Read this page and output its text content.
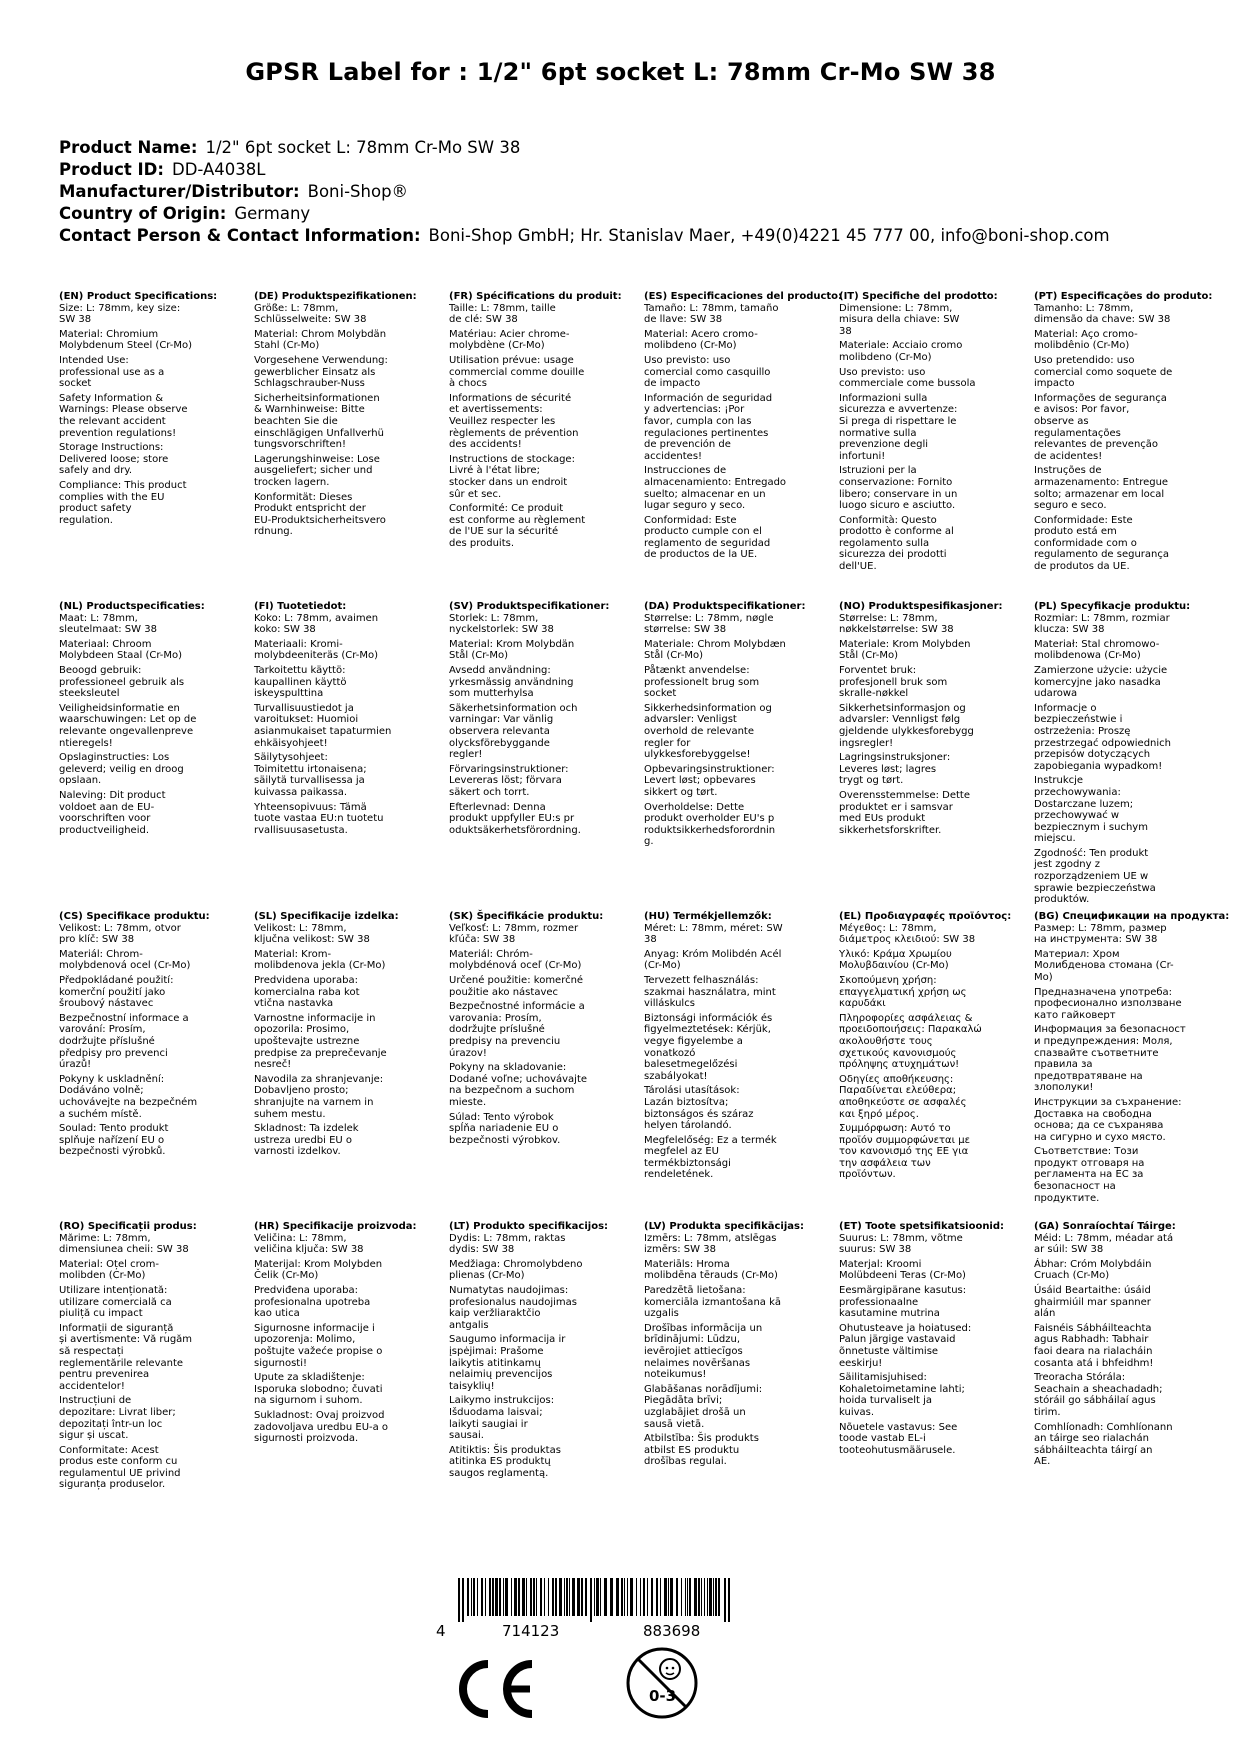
GPSR Label for : 1/2" 6pt socket L: 78mm Cr-Mo SW 38
Product Name: 1/2" 6pt socket L: 78mm Cr-Mo SW 38
Product ID: DD-A4038L
Manufacturer/Distributor: Boni-Shop®
Country of Origin: Germany
Contact Person & Contact Information: Boni-Shop GmbH; Hr. Stanislav Maer, +49(0)4221 45 777 00, info@boni-shop.com
(EN) Product Specifications:

Size: L: 78mm, key size:
SW 38

Material: Chromium
Molybdenum Steel (Cr-Mo)

Intended Use:
professional use as a
socket

Safety Information &
Warnings: Please observe
the relevant accident
prevention regulations!

Storage Instructions:
Delivered loose; store
safely and dry.

Compliance: This product
complies with the EU
product safety
regulation.

(DE) Produktspezifikationen:

Größe: L: 78mm,
Schlüsselweite: SW 38

Material: Chrom Molybdän
Stahl (Cr-Mo)

Vorgesehene Verwendung:
gewerblicher Einsatz als
Schlagschrauber-Nuss

Sicherheitsinformationen
& Warnhinweise: Bitte
beachten Sie die
einschlägigen Unfallverhü
tungsvorschriften!

Lagerungshinweise: Lose
ausgeliefert; sicher und
trocken lagern.

Konformität: Dieses
Produkt entspricht der
EU-Produktsicherheitsvero
rdnung.

(FR) Spécifications du produit:

Taille: L: 78mm, taille
de clé: SW 38

Matériau: Acier chrome-
molybdène (Cr-Mo)

Utilisation prévue: usage
commercial comme douille
à chocs

Informations de sécurité
et avertissements:
Veuillez respecter les
règlements de prévention
des accidents!

Instructions de stockage:
Livré à l'état libre;
stocker dans un endroit
sûr et sec.

Conformité: Ce produit
est conforme au règlement
de l'UE sur la sécurité
des produits.

(ES) Especificaciones del producto:

Tamaño: L: 78mm, tamaño
de llave: SW 38

Material: Acero cromo-
molibdeno (Cr-Mo)

Uso previsto: uso
comercial como casquillo
de impacto

Información de seguridad
y advertencias: ¡Por
favor, cumpla con las
regulaciones pertinentes
de prevención de
accidentes!

Instrucciones de
almacenamiento: Entregado
suelto; almacenar en un
lugar seguro y seco.

Conformidad: Este
producto cumple con el
reglamento de seguridad
de productos de la UE.

(IT) Specifiche del prodotto:

Dimensione: L: 78mm,
misura della chiave: SW
38

Materiale: Acciaio cromo
molibdeno (Cr-Mo)

Uso previsto: uso
commerciale come bussola

Informazioni sulla
sicurezza e avvertenze:
Si prega di rispettare le
normative sulla
prevenzione degli
infortuni!

Istruzioni per la
conservazione: Fornito
libero; conservare in un
luogo sicuro e asciutto.

Conformità: Questo
prodotto è conforme al
regolamento sulla
sicurezza dei prodotti
dell'UE.

(PT) Especificações do produto:

Tamanho: L: 78mm,
dimensão da chave: SW 38

Material: Aço cromo-
molibdênio (Cr-Mo)

Uso pretendido: uso
comercial como soquete de
impacto

Informações de segurança
e avisos: Por favor,
observe as
regulamentações
relevantes de prevenção
de acidentes!

Instruções de
armazenamento: Entregue
solto; armazenar em local
seguro e seco.

Conformidade: Este
produto está em
conformidade com o
regulamento de segurança
de produtos da UE.

(NL) Productspecificaties:

Maat: L: 78mm,
sleutelmaat: SW 38

Materiaal: Chroom
Molybdeen Staal (Cr-Mo)

Beoogd gebruik:
professioneel gebruik als
steeksleutel

Veiligheidsinformatie en
waarschuwingen: Let op de
relevante ongevallenpreve
ntieregels!

Opslaginstructies: Los
geleverd; veilig en droog
opslaan.

Naleving: Dit product
voldoet aan de EU-
voorschriften voor
productveiligheid.

(FI) Tuotetiedot:

Koko: L: 78mm, avaimen
koko: SW 38

Materiaali: Kromi-
molybdeeniteräs (Cr-Mo)

Tarkoitettu käyttö:
kaupallinen käyttö
iskeyspulttina

Turvallisuustiedot ja
varoitukset: Huomioi
asianmukaiset tapaturmien
ehkäisyohjeet!

Säilytysohjeet:
Toimitettu irtonaisena;
säilytä turvallisessa ja
kuivassa paikassa.

Yhteensopivuus: Tämä
tuote vastaa EU:n tuotetu
rvallisuusasetusta.

(SV) Produktspecifikationer:

Storlek: L: 78mm,
nyckelstorlek: SW 38

Material: Krom Molybdän
Stål (Cr-Mo)

Avsedd användning:
yrkesmässig användning
som mutterhylsa

Säkerhetsinformation och
varningar: Var vänlig
observera relevanta
olycksförebyggande
regler!

Förvaringsinstruktioner:
Levereras löst; förvara
säkert och torrt.

Efterlevnad: Denna
produkt uppfyller EU:s pr
oduktsäkerhetsförordning.

(DA) Produktspecifikationer:

Størrelse: L: 78mm, nøgle
størrelse: SW 38

Materiale: Chrom Molybdæn
Stål (Cr-Mo)

Påtænkt anvendelse:
professionelt brug som
socket

Sikkerhedsinformation og
advarsler: Venligst
overhold de relevante
regler for
ulykkesforebyggelse!

Opbevaringsinstruktioner:
Levert løst; opbevares
sikkert og tørt.

Overholdelse: Dette
produkt overholder EU's p
roduktsikkerhedsforordnin
g.

(NO) Produktspesifikasjoner:

Størrelse: L: 78mm,
nøkkelstørrelse: SW 38

Materiale: Krom Molybden
Stål (Cr-Mo)

Forventet bruk:
profesjonell bruk som
skralle-nøkkel

Sikkerhetsinformasjon og
advarsler: Vennligst følg
gjeldende ulykkesforebygg
ingsregler!

Lagringsinstruksjoner:
Leveres løst; lagres
trygt og tørt.

Overensstemmelse: Dette
produktet er i samsvar
med EUs produkt
sikkerhetsforskrifter.

(PL) Specyfikacje produktu:

Rozmiar: L: 78mm, rozmiar
klucza: SW 38

Materiał: Stal chromowo-
molibdenowa (Cr-Mo)

Zamierzone użycie: użycie
komercyjne jako nasadka
udarowa

Informacje o
bezpieczeństwie i
ostrzeżenia: Proszę
przestrzegać odpowiednich
przepisów dotyczących
zapobiegania wypadkom!

Instrukcje
przechowywania:
Dostarczane luzem;
przechowywać w
bezpiecznym i suchym
miejscu.

Zgodność: Ten produkt
jest zgodny z
rozporządzeniem UE w
sprawie bezpieczeństwa
produktów.

(CS) Specifikace produktu:

Velikost: L: 78mm, otvor
pro klíč: SW 38

Materiál: Chrom-
molybdenová ocel (Cr-Mo)

Předpokládané použití:
komerční použití jako
šroubový nástavec

Bezpečnostní informace a
varování: Prosím,
dodržujte příslušné
předpisy pro prevenci
úrazů!

Pokyny k uskladnění:
Dodáváno volně;
uchovávejte na bezpečném
a suchém místě.

Soulad: Tento produkt
splňuje nařízení EU o
bezpečnosti výrobků.

(SL) Specifikacije izdelka:

Velikost: L: 78mm,
ključna velikost: SW 38

Material: Krom-
molibdenova jekla (Cr-Mo)

Predvidena uporaba:
komercialna raba kot
vtična nastavka

Varnostne informacije in
opozorila: Prosimo,
upoštevajte ustrezne
predpise za preprečevanje
nesreč!

Navodila za shranjevanje:
Dobavljeno prosto;
shranjujte na varnem in
suhem mestu.

Skladnost: Ta izdelek
ustreza uredbi EU o
varnosti izdelkov.

(SK) Špecifikácie produktu:

Veľkosť: L: 78mm, rozmer
kľúča: SW 38

Materiál: Chróm-
molybdénová oceľ (Cr-Mo)

Určené použitie: komerčné
použitie ako nástavec

Bezpečnostné informácie a
varovania: Prosím,
dodržujte príslušné
predpisy na prevenciu
úrazov!

Pokyny na skladovanie:
Dodané voľne; uchovávajte
na bezpečnom a suchom
mieste.

Súlad: Tento výrobok
spĺňa nariadenie EU o
bezpečnosti výrobkov.

(HU) Termékjellemzők:

Méret: L: 78mm, méret: SW
38

Anyag: Króm Molibdén Acél
(Cr-Mo)

Tervezett felhasználás:
szakmai használatra, mint
villáskulcs

Biztonsági információk és
figyelmeztetések: Kérjük,
vegye figyelembe a
vonatkozó
balesetmegelőzési
szabályokat!

Tárolási utasítások:
Lazán biztosítva;
biztonságos és száraz
helyen tárolandó.

Megfelelőség: Ez a termék
megfelel az EU
termékbiztonsági
rendeletének.

(EL) Προδιαγραφές προϊόντος:

Μέγεθος: L: 78mm,
διάμετρος κλειδιού: SW 38

Υλικό: Κράμα Χρωμίου
Μολυβδαινίου (Cr-Mo)

Σκοπούμενη χρήση:
επαγγελματική χρήση ως
καρυδάκι

Πληροφορίες ασφάλειας &
προειδοποιήσεις: Παρακαλώ
ακολουθήστε τους
σχετικούς κανονισμούς
πρόληψης ατυχημάτων!

Οδηγίες αποθήκευσης:
Παραδίνεται ελεύθερα;
αποθηκεύστε σε ασφαλές
και ξηρό μέρος.

Συμμόρφωση: Αυτό το
προϊόν συμμορφώνεται με
τον κανονισμό της ΕΕ για
την ασφάλεια των
προϊόντων.

(BG) Спецификации на продукта:

Размер: L: 78mm, размер
на инструмента: SW 38

Материал: Хром
Молибденова стомана (Cr-
Mo)

Предназначена употреба:
професионално използване
като гайковерт

Информация за безопасност
и предупреждения: Моля,
спазвайте съответните
правила за
предотвратяване на
злополуки!

Инструкции за съхранение:
Доставка на свободна
основа; да се съхранява
на сигурно и сухо място.

Съответствие: Този
продукт отговаря на
регламента на ЕС за
безопасност на
продуктите.

(RO) Specificații produs:

Mărime: L: 78mm,
dimensiunea cheii: SW 38

Material: Oțel crom-
molibden (Cr-Mo)

Utilizare intenționată:
utilizare comercială ca
piuliță cu impact

Informații de siguranță
și avertismente: Vă rugăm
să respectați
reglementările relevante
pentru prevenirea
accidentelor!

Instrucțiuni de
depozitare: Livrat liber;
depozitați într-un loc
sigur și uscat.

Conformitate: Acest
produs este conform cu
regulamentul UE privind
siguranța produselor.

(HR) Specifikacije proizvoda:

Veličina: L: 78mm,
veličina ključa: SW 38

Materijal: Krom Molybden
Čelik (Cr-Mo)

Predviđena uporaba:
profesionalna upotreba
kao utica

Sigurnosne informacije i
upozorenja: Molimo,
poštujte važeće propise o
sigurnosti!

Upute za skladištenje:
Isporuka slobodno; čuvati
na sigurnom i suhom.

Sukladnost: Ovaj proizvod
zadovoljava uredbu EU-a o
sigurnosti proizvoda.

(LT) Produkto specifikacijos:

Dydis: L: 78mm, raktas
dydis: SW 38

Medžiaga: Chromolybdeno
plienas (Cr-Mo)

Numatytas naudojimas:
profesionalus naudojimas
kaip veržliaraktčio
antgalis

Saugumo informacija ir
įspėjimai: Prašome
laikytis atitinkamų
nelaimių prevencijos
taisyklių!

Laikymo instrukcijos:
Išduodama laisvai;
laikyti saugiai ir
sausai.

Atitiktis: Šis produktas
atitinka ES produktų
saugos reglamentą.

(LV) Produkta specifikācijas:

Izmērs: L: 78mm, atslēgas
izmērs: SW 38

Materiāls: Hroma
molibdēna tērauds (Cr-Mo)

Paredzētā lietošana:
komerciāla izmantošana kā
uzgalis

Drošības informācija un
brīdinājumi: Lūdzu,
ievērojiet attiecīgos
nelaimes novēršanas
noteikumus!

Glabāšanas norādījumi:
Piegādāta brīvi;
uzglabājiet drošā un
sausā vietā.

Atbilstība: Šis produkts
atbilst ES produktu
drošības regulai.

(ET) Toote spetsifikatsioonid:

Suurus: L: 78mm, võtme
suurus: SW 38

Materjal: Kroomi
Molübdeeni Teras (Cr-Mo)

Eesmärgipärane kasutus:
professionaalne
kasutamine mutrina

Ohutusteave ja hoiatused:
Palun järgige vastavaid
õnnetuste vältimise
eeskirju!

Säilitamisjuhised:
Kohaletoimetamine lahti;
hoida turvaliselt ja
kuivas.

Nõuetele vastavus: See
toode vastab EL-i
tooteohutusmäärusele.

(GA) Sonraíochtaí Táirge:

Méid: L: 78mm, méadar atá
ar súil: SW 38

Ábhar: Cróm Molybdáin
Cruach (Cr-Mo)

Úsáid Beartaithe: úsáid
ghairmiúil mar spanner
alán

Faisnéis Sábháilteachta
agus Rabhadh: Tabhair
faoi deara na rialacháin
cosanta atá i bhfeidhm!

Treoracha Stórála:
Seachain a sheachadadh;
stóráil go sábháilaí agus
tirim.

Comhlíonadh: Comhlíonann
an táirge seo rialachán
sábháilteachta táirgí an
AE.

4	714123	883698
0-3
